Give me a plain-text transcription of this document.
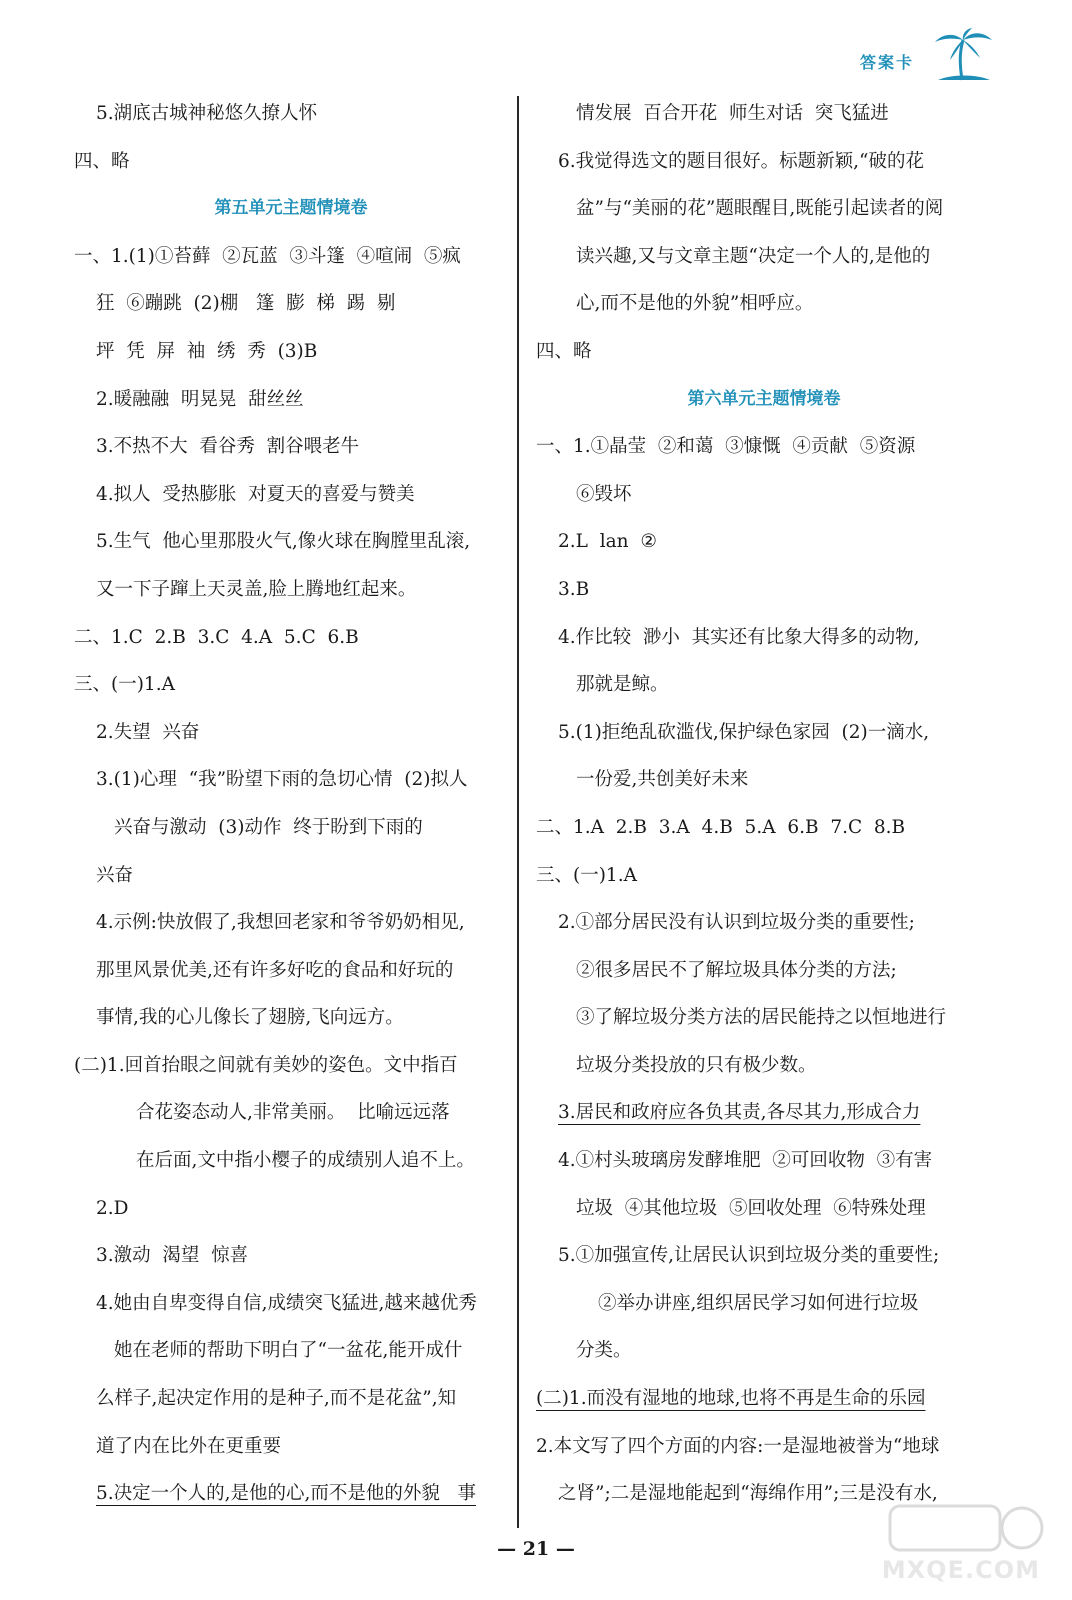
答案卡
5.湖底古城神秘悠久撩人怀
四、略
第五单元主题情境卷
一、1.(1)①苔藓  ②瓦蓝  ③斗篷  ④喧闹  ⑤疯
狂  ⑥蹦跳  (2)棚   篷  膨  梯  踢  剔
坪  凭  屏  袖  绣  秀  (3)B
2.暖融融  明晃晃  甜丝丝
3.不热不大  看谷秀  割谷喂老牛
4.拟人  受热膨胀  对夏天的喜爱与赞美
5.生气  他心里那股火气,像火球在胸膛里乱滚,
又一下子蹿上天灵盖,脸上腾地红起来。
二、1.C  2.B  3.C  4.A  5.C  6.B
三、(一)1.A
2.失望  兴奋
3.(1)心理  “我”盼望下雨的急切心情  (2)拟人
兴奋与激动  (3)动作  终于盼到下雨的
兴奋
4.示例:快放假了,我想回老家和爷爷奶奶相见,
那里风景优美,还有许多好吃的食品和好玩的
事情,我的心儿像长了翅膀,飞向远方。
(二)1.回首抬眼之间就有美妙的姿色。文中指百
合花姿态动人,非常美丽。  比喻远远落
在后面,文中指小樱子的成绩别人追不上。
2.D
3.激动  渴望  惊喜
4.她由自卑变得自信,成绩突飞猛进,越来越优秀
她在老师的帮助下明白了“一盆花,能开成什
么样子,起决定作用的是种子,而不是花盆”,知
道了内在比外在更重要
5.决定一个人的,是他的心,而不是他的外貌   事
情发展  百合开花  师生对话  突飞猛进
6.我觉得选文的题目很好。标题新颖,“破的花
盆”与“美丽的花”题眼醒目,既能引起读者的阅
读兴趣,又与文章主题“决定一个人的,是他的
心,而不是他的外貌”相呼应。
四、略
第六单元主题情境卷
一、1.①晶莹  ②和蔼  ③慷慨  ④贡献  ⑤资源
⑥毁坏
2.L  lan  ②
3.B
4.作比较  渺小  其实还有比象大得多的动物,
那就是鲸。
5.(1)拒绝乱砍滥伐,保护绿色家园  (2)一滴水,
一份爱,共创美好未来
二、1.A  2.B  3.A  4.B  5.A  6.B  7.C  8.B
三、(一)1.A
2.①部分居民没有认识到垃圾分类的重要性;
②很多居民不了解垃圾具体分类的方法;
③了解垃圾分类方法的居民能持之以恒地进行
垃圾分类投放的只有极少数。
3.居民和政府应各负其责,各尽其力,形成合力
4.①村头玻璃房发酵堆肥  ②可回收物  ③有害
垃圾  ④其他垃圾  ⑤回收处理  ⑥特殊处理
5.①加强宣传,让居民认识到垃圾分类的重要性;
②举办讲座,组织居民学习如何进行垃圾
分类。
(二)1.而没有湿地的地球,也将不再是生命的乐园
2.本文写了四个方面的内容:一是湿地被誉为“地球
之肾”;二是湿地能起到“海绵作用”;三是没有水,
— 21 —
MXQE.COM
